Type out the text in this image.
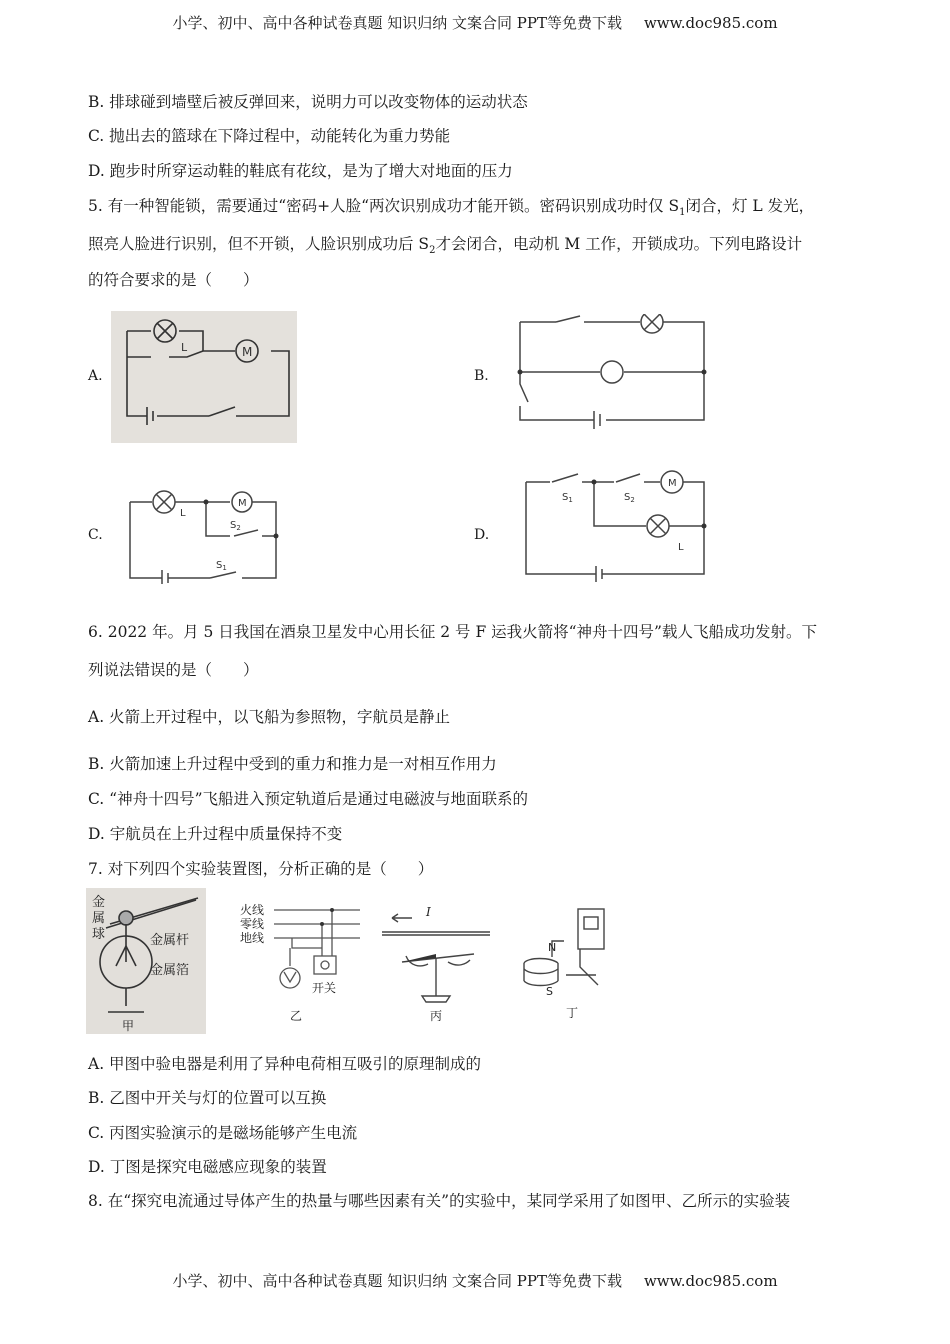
小学、初中、高中各种试卷真题 知识归纳 文案合同 PPT等免费下载 www.doc985.com
B. 排球碰到墙壁后被反弹回来，说明力可以改变物体的运动状态
C. 抛出去的篮球在下降过程中，动能转化为重力势能
D. 跑步时所穿运动鞋的鞋底有花纹，是为了增大对地面的压力
5. 有一种智能锁，需要通过“密码+人脸“两次识别成功才能开锁。密码识别成功时仅 $S_1$闭合，灯 L 发光，
照亮人脸进行识别，但不开锁，人脸识别成功后 $S_2$才会闭合，电动机 M 工作，开锁成功。下列电路设计
的符合要求的是（　　）
A.	B.
C.	D.
M
L
L
M
$S_2$
$S_1$
M
L
$S_1$	$S_2$
6. 2022 年。月 5 日我国在酒泉卫星发中心用长征 2 号 F 运我火箭将“神舟十四号”载人飞船成功发射。下
列说法错误的是（　　）
A. 火箭上开过程中，以飞船为参照物，字航员是静止
B. 火箭加速上升过程中受到的重力和推力是一对相互作用力
C. “神舟十四号”飞船进入预定轨道后是通过电磁波与地面联系的
D. 宇航员在上升过程中质量保持不变
7. 对下列四个实验装置图，分析正确的是（　　）
金
属
球	金属杆
金属箔
甲
火线
零线
地线
开关
乙
I
丙
N
S
丁
A. 甲图中验电器是利用了异种电荷相互吸引的原理制成的
B. 乙图中开关与灯的位置可以互换
C. 丙图实验演示的是磁场能够产生电流
D. 丁图是探究电磁感应现象的装置
8. 在“探究电流通过导体产生的热量与哪些因素有关”的实验中，某同学采用了如图甲、乙所示的实验装
小学、初中、高中各种试卷真题 知识归纳 文案合同 PPT等免费下载 www.doc985.com
